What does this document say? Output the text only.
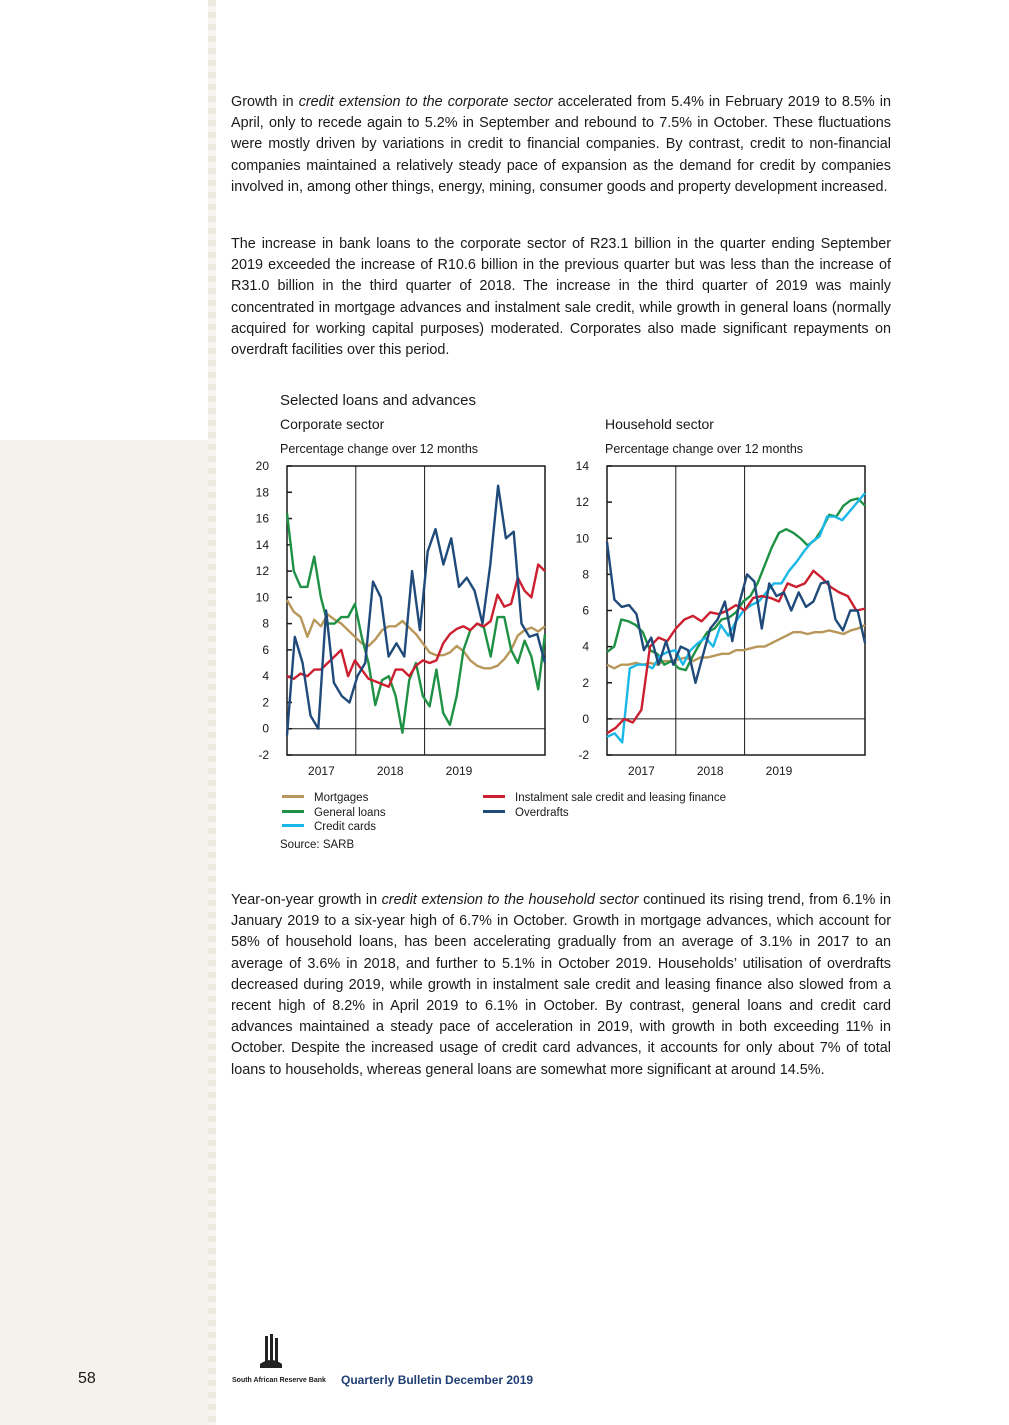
Growth in credit extension to the corporate sector accelerated from 5.4% in February 2019 to 8.5% in April, only to recede again to 5.2% in September and rebound to 7.5% in October. These fluctuations were mostly driven by variations in credit to financial companies. By contrast, credit to non-financial companies maintained a relatively steady pace of expansion as the demand for credit by companies involved in, among other things, energy, mining, consumer goods and property development increased.

The increase in bank loans to the corporate sector of R23.1 billion in the quarter ending September 2019 exceeded the increase of R10.6 billion in the previous quarter but was less than the increase of R31.0 billion in the third quarter of 2018. The increase in the third quarter of 2019 was mainly concentrated in mortgage advances and instalment sale credit, while growth in general loans (normally acquired for working capital purposes) moderated. Corporates also made significant repayments on overdraft facilities over this period.

Selected loans and advances
Corporate sector	Household sector
Percentage change over 12 months	Percentage change over 12 months
-2
0
2
4
6
8
10
12
14
16
18
20
2017	2018	2019
-2
0
2
4
6
8
10
12
14
2017	2018	2019
Mortgages
General loans
Credit cards
Instalment sale credit and leasing finance
Overdrafts
Source: SARB

Year-on-year growth in credit extension to the household sector continued its rising trend, from 6.1% in January 2019 to a six-year high of 6.7% in October. Growth in mortgage advances, which account for 58% of household loans, has been accelerating gradually from an average of 3.1% in 2017 to an average of 3.6% in 2018, and further to 5.1% in October 2019. Households’ utilisation of overdrafts decreased during 2019, while growth in instalment sale credit and leasing finance also slowed from a recent high of 8.2% in April 2019 to 6.1% in October. By contrast, general loans and credit card advances maintained a steady pace of acceleration in 2019, with growth in both exceeding 11% in October. Despite the increased usage of credit card advances, it accounts for only about 7% of total loans to households, whereas general loans are somewhat more significant at around 14.5%.

58	South African Reserve Bank Quarterly Bulletin December 2019
